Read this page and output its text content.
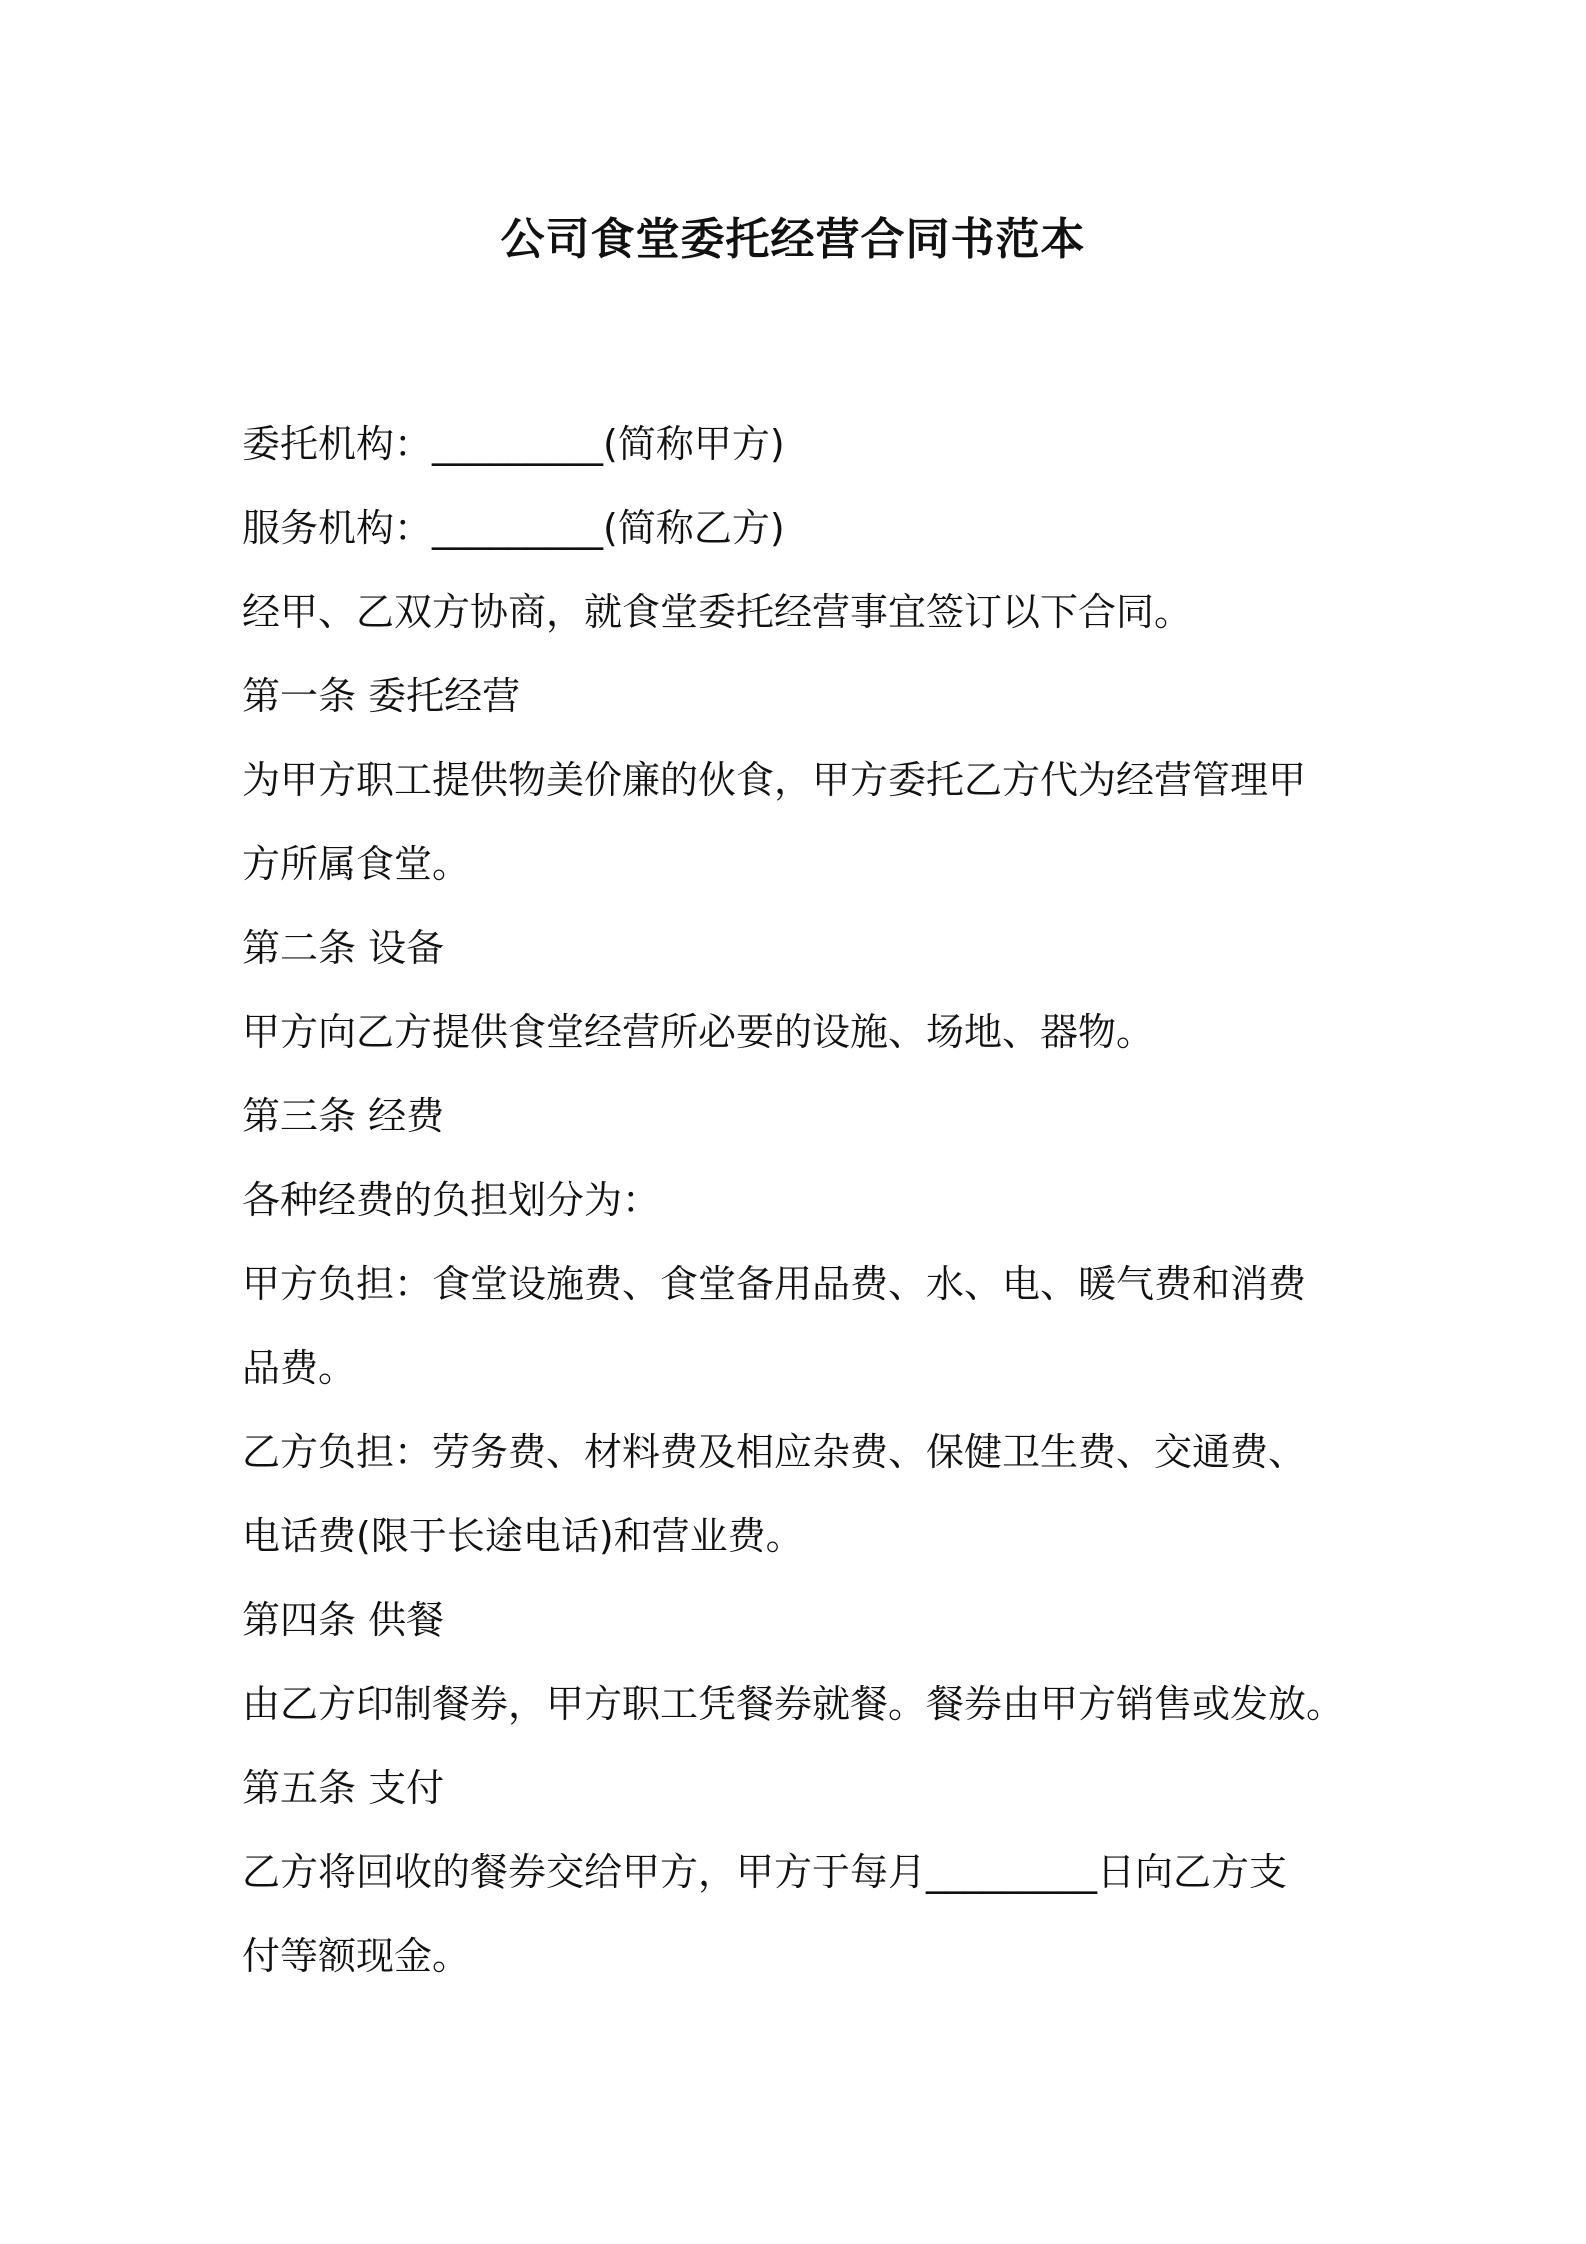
公司食堂委托经营合同书范本

委托机构：_________(简称甲方)

服务机构：_________(简称乙方)

经甲、乙双方协商，就食堂委托经营事宜签订以下合同。

第一条 委托经营

为甲方职工提供物美价廉的伙食，甲方委托乙方代为经营管理甲

方所属食堂。

第二条 设备

甲方向乙方提供食堂经营所必要的设施、场地、器物。

第三条 经费

各种经费的负担划分为：

甲方负担：食堂设施费、食堂备用品费、水、电、暖气费和消费

品费。

乙方负担：劳务费、材料费及相应杂费、保健卫生费、交通费、

电话费(限于长途电话)和营业费。

第四条 供餐

由乙方印制餐券，甲方职工凭餐券就餐。餐券由甲方销售或发放。

第五条 支付

乙方将回收的餐券交给甲方，甲方于每月_________日向乙方支

付等额现金。
